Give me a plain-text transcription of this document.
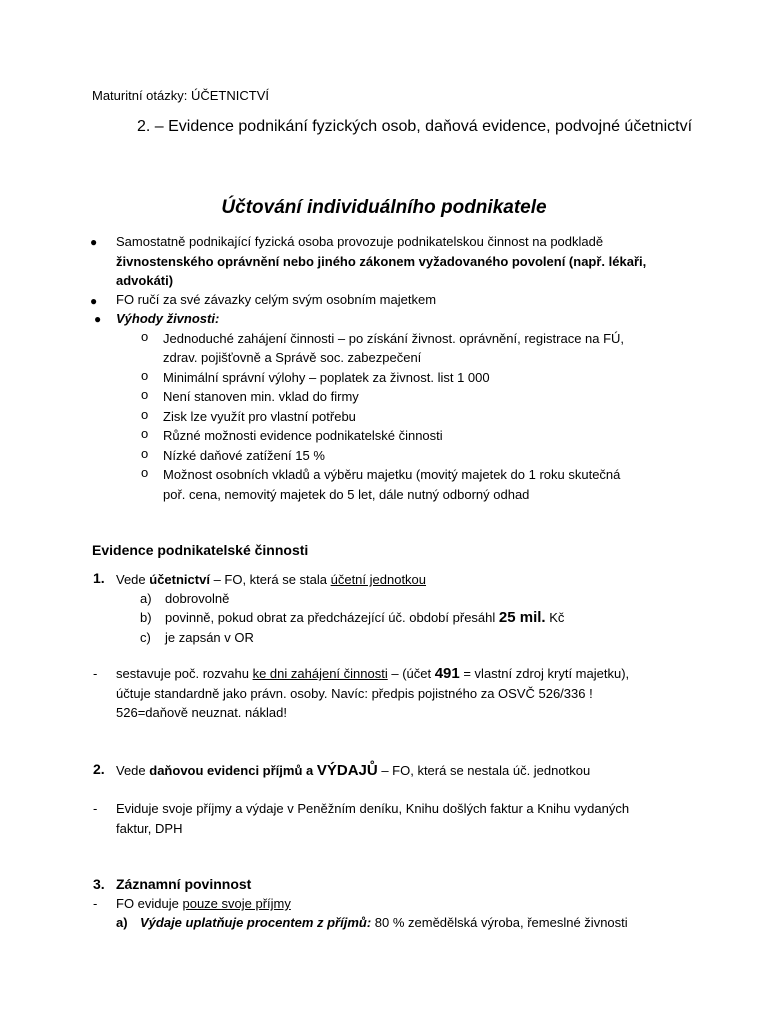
Maturitní otázky: ÚČETNICTVÍ
2. – Evidence podnikání fyzických osob, daňová evidence, podvojné účetnictví
Účtování individuálního podnikatele
● Samostatně podnikající fyzická osoba provozuje podnikatelskou činnost na podkladě
živnostenského oprávnění nebo jiného zákonem vyžadovaného povolení (např. lékaři,
advokáti)
● FO ručí za své závazky celým svým osobním majetkem
● Výhody živnosti:
o Jednoduché zahájení činnosti – po získání živnost. oprávnění, registrace na FÚ,
zdrav. pojišťovně a Správě soc. zabezpečení
o Minimální správní výlohy – poplatek za živnost. list 1 000
o Není stanoven min. vklad do firmy
o Zisk lze využít pro vlastní potřebu
o Různé možnosti evidence podnikatelské činnosti
o Nízké daňové zatížení 15 %
o Možnost osobních vkladů a výběru majetku (movitý majetek do 1 roku skutečná
poř. cena, nemovitý majetek do 5 let, dále nutný odborný odhad
Evidence podnikatelské činnosti
1. Vede účetnictví – FO, která se stala účetní jednotkou
a) dobrovolně
b) povinně, pokud obrat za předcházející úč. období přesáhl 25 mil. Kč
c) je zapsán v OR
- sestavuje poč. rozvahu ke dni zahájení činnosti – (účet 491 = vlastní zdroj krytí majetku),
účtuje standardně jako právn. osoby. Navíc: předpis pojistného za OSVČ 526/336 !
526=daňově neuznat. náklad!
2. Vede daňovou evidenci příjmů a VÝDAJŮ – FO, která se nestala úč. jednotkou
- Eviduje svoje příjmy a výdaje v Peněžním deníku, Knihu došlých faktur a Knihu vydaných
faktur, DPH
3. Záznamní povinnost
- FO eviduje pouze svoje příjmy
a) Výdaje uplatňuje procentem z příjmů: 80 % zemědělská výroba, řemeslné živnosti
